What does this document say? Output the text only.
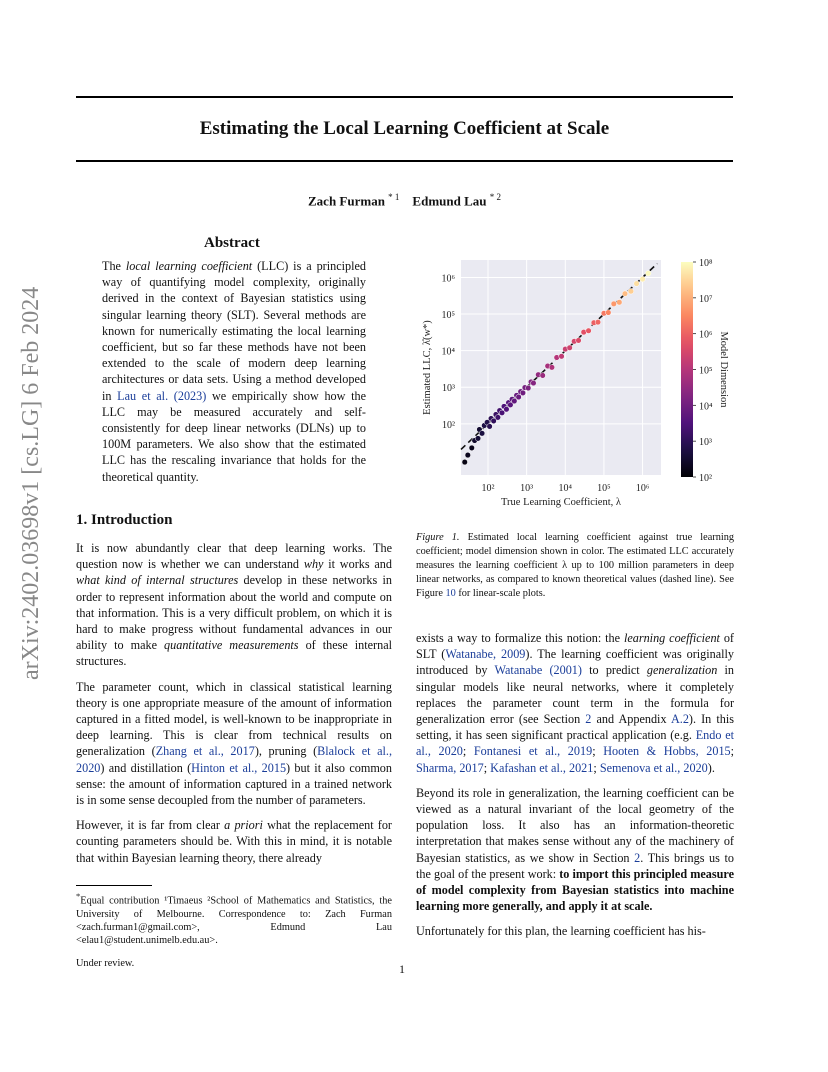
Estimating the Local Learning Coefficient at Scale
Zach Furman $^{* 1}$ Edmund Lau $^{* 2}$
arXiv:2402.03698v1 [cs.LG] 6 Feb 2024
Abstract
The local learning coefficient (LLC) is a principled way of quantifying model complexity, originally derived in the context of Bayesian statistics using singular learning theory (SLT). Several methods are known for numerically estimating the local learning coefficient, but so far these methods have not been extended to the scale of modern deep learning architectures or data sets. Using a method developed in Lau et al. (2023) we empirically show how the LLC may be measured accurately and self-consistently for deep linear networks (DLNs) up to 100M parameters. We also show that the estimated LLC has the rescaling invariance that holds for the theoretical quantity.
1. Introduction

It is now abundantly clear that deep learning works. The question now is whether we can understand why it works and what kind of internal structures develop in these networks in order to represent information about the world and compute on that information. This is a very difficult problem, on which it is hard to make progress without fundamental advances in our ability to make quantitative measurements of these internal structures.

The parameter count, which in classical statistical learning theory is one appropriate measure of the amount of information captured in a fitted model, is well-known to be inappropriate in deep learning. This is clear from technical results on generalization (Zhang et al., 2017), pruning (Blalock et al., 2020) and distillation (Hinton et al., 2015) but it also common sense: the amount of information captured in a trained network is in some sense decoupled from the number of parameters.

However, it is far from clear a priori what the replacement for counting parameters should be. With this in mind, it is notable that within Bayesian learning theory, there already

*Equal contribution ¹Timaeus ²School of Mathematics and Statistics, the University of Melbourne. Correspondence to: Zach Furman <zach.furman1@gmail.com>, Edmund Lau <elau1@student.unimelb.edu.au>.
Under review.	1
10²	10³	10⁴	10⁵	10⁶
10²
10³
10⁴
10⁵
10⁶
True Learning Coefficient, λ
Estimated LLC, λ̂(w*)
10²
10³
10⁴
10⁵
10⁶
10⁷
10⁸
Model Dimension
Figure 1. Estimated local learning coefficient against true learning coefficient; model dimension shown in color. The estimated LLC accurately measures the learning coefficient λ up to 100 million parameters in deep linear networks, as compared to known theoretical values (dashed line). See Figure 10 for linear-scale plots.

exists a way to formalize this notion: the learning coefficient of SLT (Watanabe, 2009). The learning coefficient was originally introduced by Watanabe (2001) to predict generalization in singular models like neural networks, where it completely replaces the parameter count term in the formula for generalization error (see Section 2 and Appendix A.2). In this setting, it has seen significant practical application (e.g. Endo et al., 2020; Fontanesi et al., 2019; Hooten & Hobbs, 2015; Sharma, 2017; Kafashan et al., 2021; Semenova et al., 2020).

Beyond its role in generalization, the learning coefficient can be viewed as a natural invariant of the local geometry of the population loss. It also has an information-theoretic interpretation that makes sense without any of the machinery of Bayesian statistics, as we show in Section 2. This brings us to the goal of the present work: to import this principled measure of model complexity from Bayesian statistics into machine learning more generally, and apply it at scale.

Unfortunately for this plan, the learning coefficient has his-
